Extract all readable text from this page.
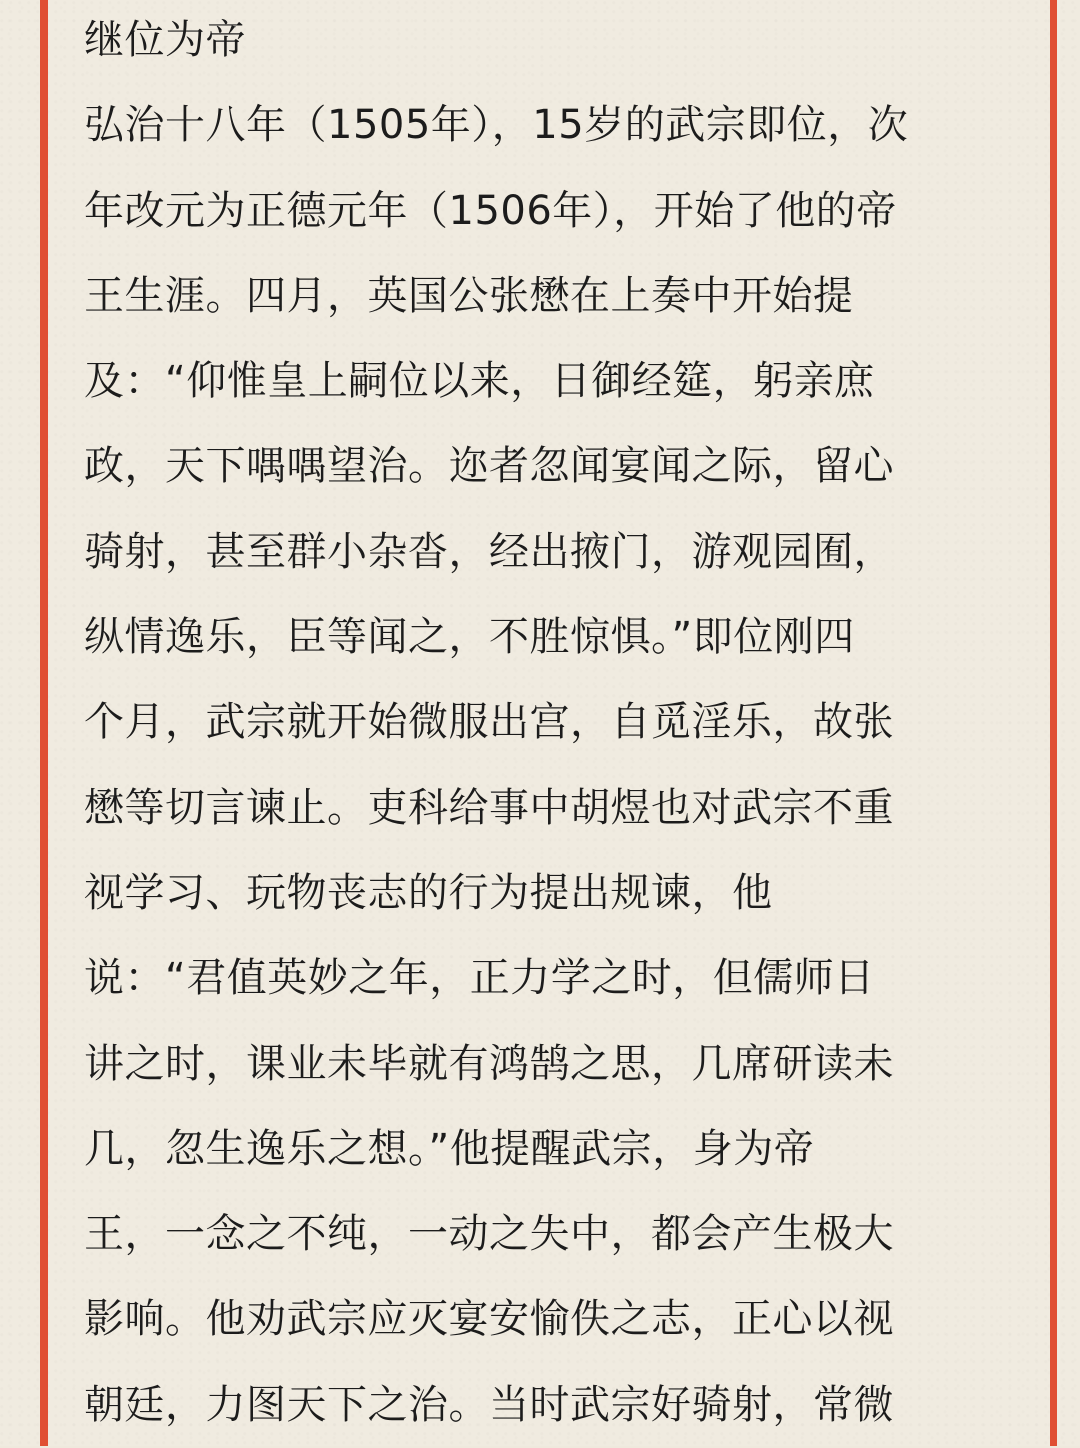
继位为帝
弘治十八年（1505年），15岁的武宗即位，次
年改元为正德元年（1506年），开始了他的帝
王生涯。四月，英国公张懋在上奏中开始提
及：“仰惟皇上嗣位以来，日御经筵，躬亲庶
政，天下喁喁望治。迩者忽闻宴闻之际，留心
骑射，甚至群小杂沓，经出掖门，游观园囿，
纵情逸乐，臣等闻之，不胜惊惧。”即位刚四
个月，武宗就开始微服出宫，自觅淫乐，故张
懋等切言谏止。吏科给事中胡煜也对武宗不重
视学习、玩物丧志的行为提出规谏，他
说：“君值英妙之年，正力学之时，但儒师日
讲之时，课业未毕就有鸿鹄之思，几席研读未
几，忽生逸乐之想。”他提醒武宗，身为帝
王，一念之不纯，一动之失中，都会产生极大
影响。他劝武宗应灭宴安愉佚之志，正心以视
朝廷，力图天下之治。当时武宗好骑射，常微
